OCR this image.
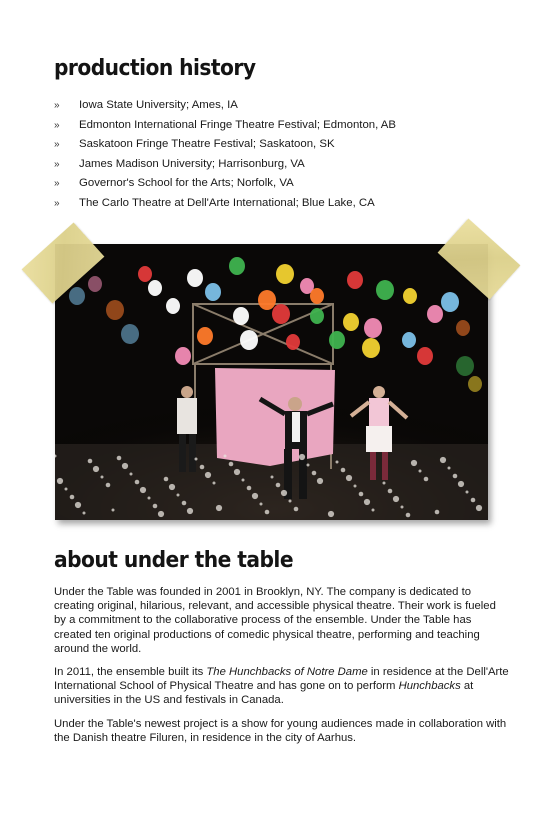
production history
» Iowa State University; Ames, IA
» Edmonton International Fringe Theatre Festival; Edmonton, AB
» Saskatoon Fringe Theatre Festival; Saskatoon, SK
» James Madison University; Harrisonburg, VA
» Governor's School for the Arts; Norfolk, VA
» The Carlo Theatre at Dell'Arte International; Blue Lake, CA
about under the table

Under the Table was founded in 2001 in Brooklyn, NY. The company is dedicated to creating original, hilarious, relevant, and accessible physical theatre. Their work is fueled by a commitment to the collaborative process of the ensemble. Under the Table has created ten original productions of comedic physical theatre, performing and teaching around the world.

In 2011, the ensemble built its The Hunchbacks of Notre Dame in residence at the Dell'Arte International School of Physical Theatre and has gone on to perform Hunchbacks at universities in the US and festivals in Canada.

Under the Table's newest project is a show for young audiences made in collaboration with the Danish theatre Filuren, in residence in the city of Aarhus.
